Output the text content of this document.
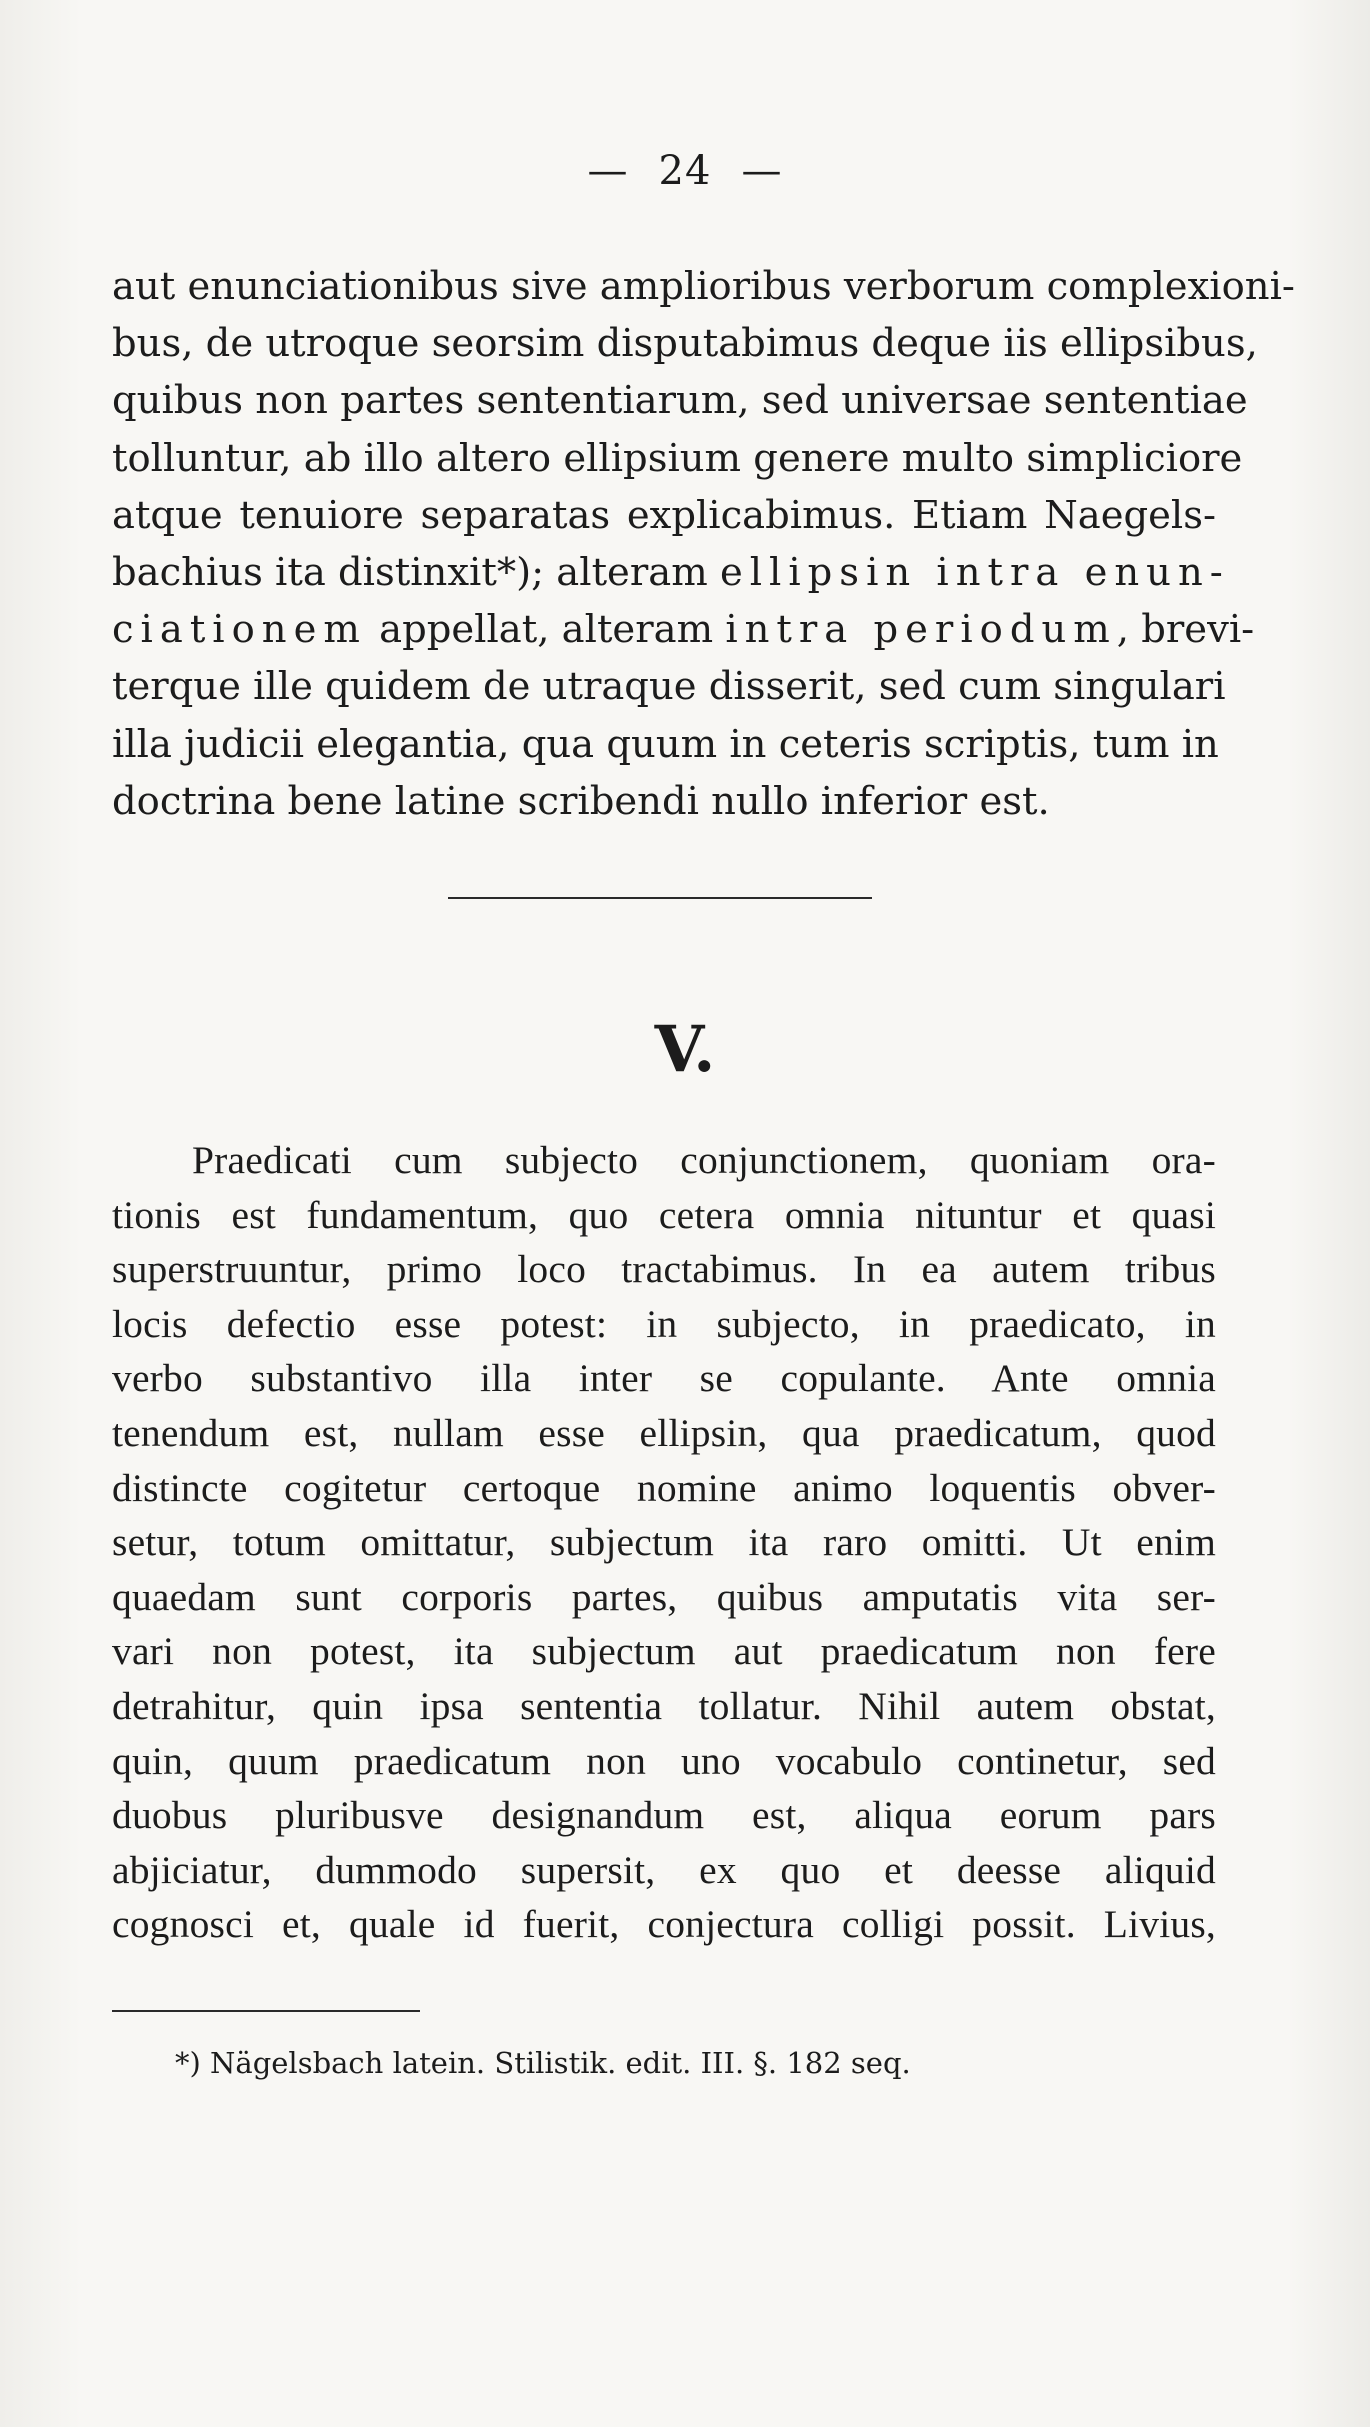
— 24 —
aut enunciationibus sive amplioribus verborum complexioni-
bus, de utroque seorsim disputabimus deque iis ellipsibus,
quibus non partes sententiarum, sed universae sententiae
tolluntur, ab illo altero ellipsium genere multo simpliciore
atque tenuiore separatas explicabimus. Etiam Naegels-
bachius ita distinxit*); alteram ellipsin intra enun-
ciationem appellat, alteram intra periodum, brevi-
terque ille quidem de utraque disserit, sed cum singulari
illa judicii elegantia, qua quum in ceteris scriptis, tum in
doctrina bene latine scribendi nullo inferior est.
V.
Praedicati cum subjecto conjunctionem, quoniam ora-
tionis est fundamentum, quo cetera omnia nituntur et quasi
superstruuntur, primo loco tractabimus. In ea autem tribus
locis defectio esse potest: in subjecto, in praedicato, in
verbo substantivo illa inter se copulante. Ante omnia
tenendum est, nullam esse ellipsin, qua praedicatum, quod
distincte cogitetur certoque nomine animo loquentis obver-
setur, totum omittatur, subjectum ita raro omitti. Ut enim
quaedam sunt corporis partes, quibus amputatis vita ser-
vari non potest, ita subjectum aut praedicatum non fere
detrahitur, quin ipsa sententia tollatur. Nihil autem obstat,
quin, quum praedicatum non uno vocabulo continetur, sed
duobus pluribusve designandum est, aliqua eorum pars
abjiciatur, dummodo supersit, ex quo et deesse aliquid
cognosci et, quale id fuerit, conjectura colligi possit. Livius,
*) Nägelsbach latein. Stilistik. edit. III. §. 182 seq.
